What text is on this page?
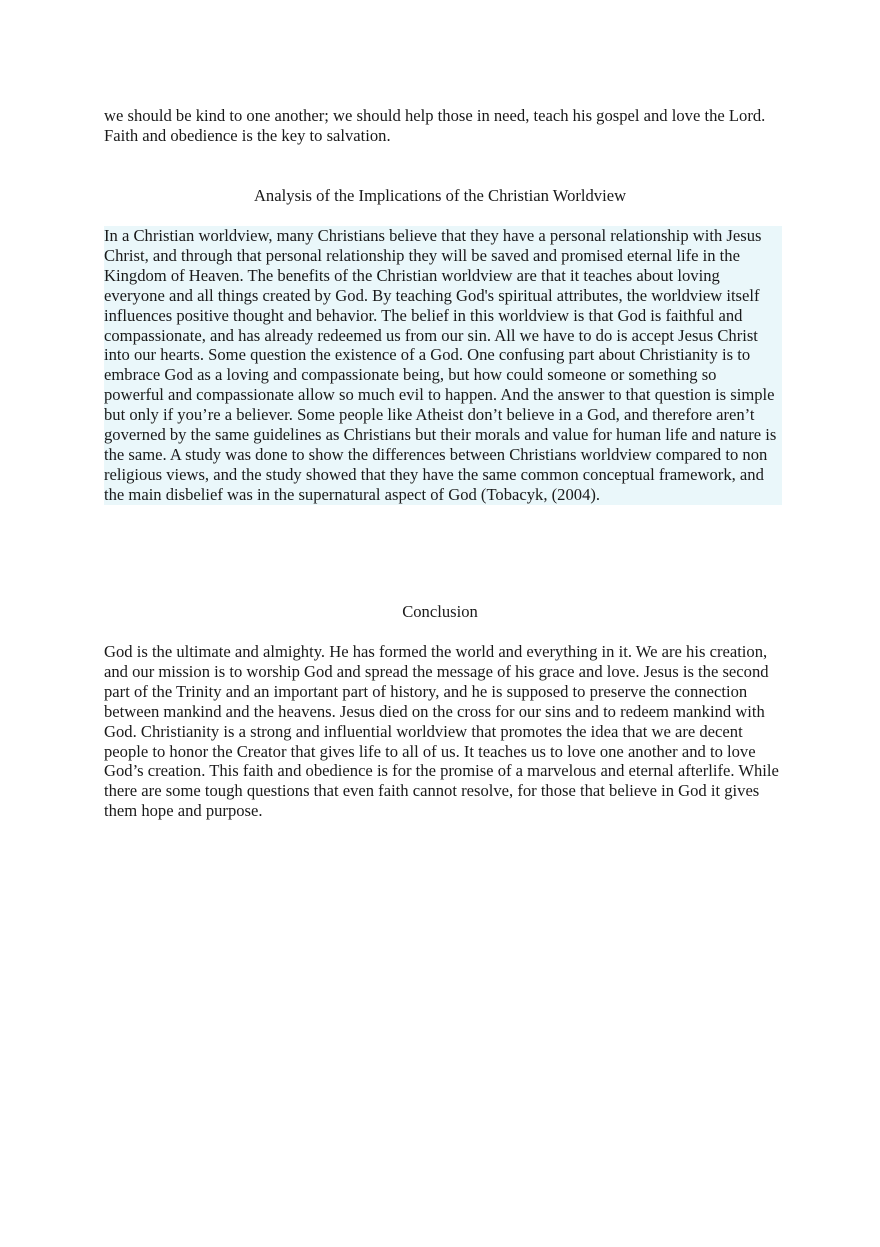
we should be kind to one another; we should help those in need, teach his gospel and love the Lord. Faith and obedience is the key to salvation.

Analysis of the Implications of the Christian Worldview

In a Christian worldview, many Christians believe that they have a personal relationship with Jesus Christ, and through that personal relationship they will be saved and promised eternal life in the Kingdom of Heaven. The benefits of the Christian worldview are that it teaches about loving everyone and all things created by God. By teaching God's spiritual attributes, the worldview itself influences positive thought and behavior. The belief in this worldview is that God is faithful and compassionate, and has already redeemed us from our sin. All we have to do is accept Jesus Christ into our hearts. Some question the existence of a God. One confusing part about Christianity is to embrace God as a loving and compassionate being, but how could someone or something so powerful and compassionate allow so much evil to happen. And the answer to that question is simple but only if you’re a believer. Some people like Atheist don’t believe in a God, and therefore aren’t governed by the same guidelines as Christians but their morals and value for human life and nature is the same. A study was done to show the differences between Christians worldview compared to non religious views, and the study showed that they have the same common conceptual framework, and the main disbelief was in the supernatural aspect of God (Tobacyk, (2004).

Conclusion

God is the ultimate and almighty. He has formed the world and everything in it. We are his creation, and our mission is to worship God and spread the message of his grace and love. Jesus is the second part of the Trinity and an important part of history, and he is supposed to preserve the connection between mankind and the heavens. Jesus died on the cross for our sins and to redeem mankind with God. Christianity is a strong and influential worldview that promotes the idea that we are decent people to honor the Creator that gives life to all of us. It teaches us to love one another and to love God’s creation. This faith and obedience is for the promise of a marvelous and eternal afterlife. While there are some tough questions that even faith cannot resolve, for those that believe in God it gives them hope and purpose.
